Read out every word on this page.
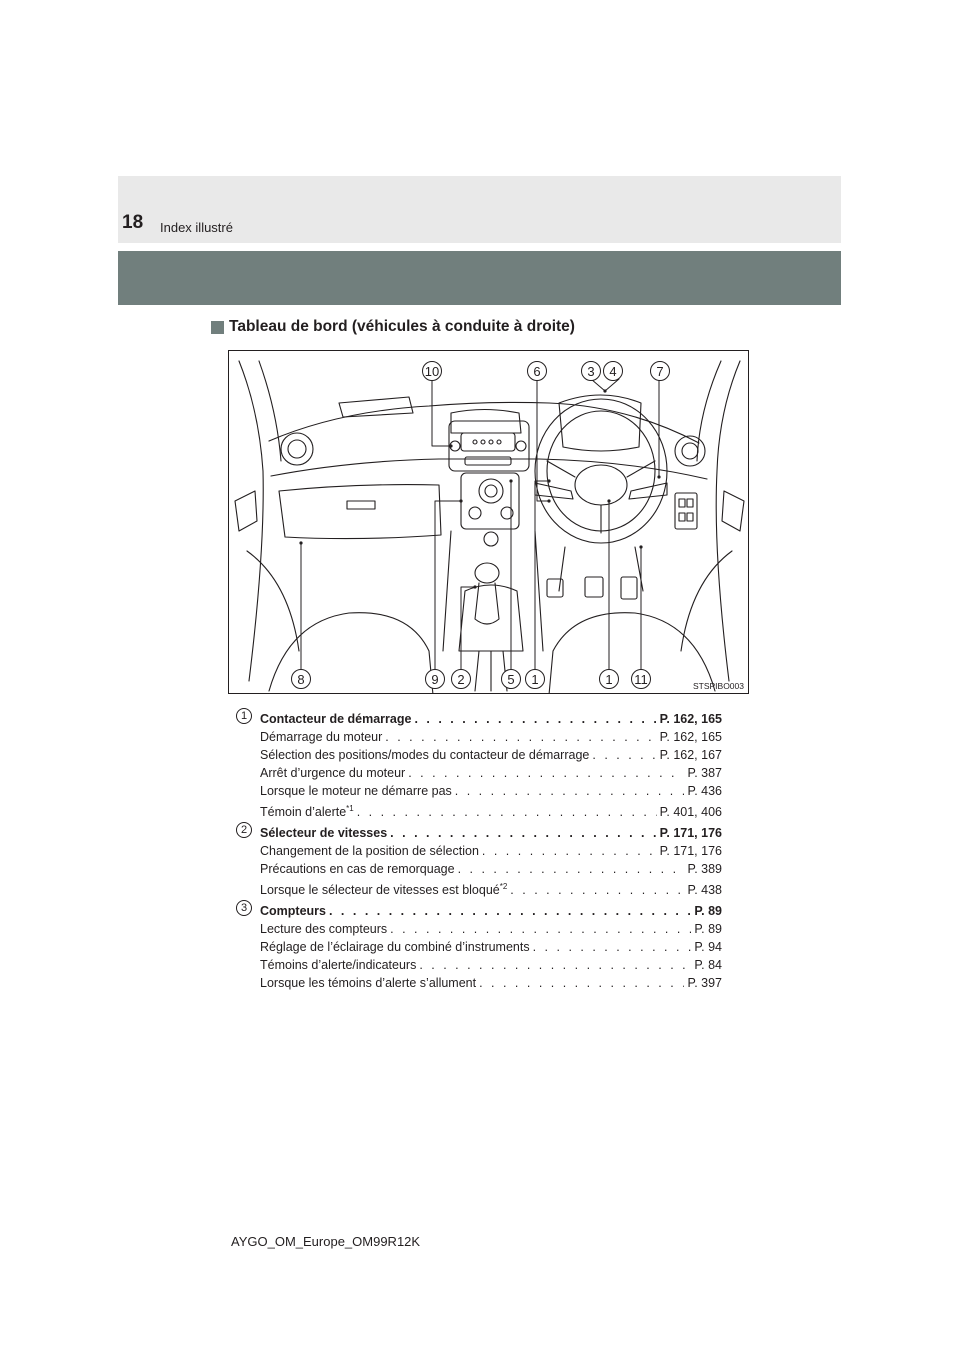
18 Index illustré
Tableau de bord (véhicules à conduite à droite)
10	6	3	4	7
8	9	2	5	1	1	11	STSPIBO003
1	Contacteur de démarrage . . .	P. 162, 165
Démarrage du moteur . . .	P. 162, 165
Sélection des positions/modes du contacteur de démarrage . . .	P. 162, 167
Arrêt d’urgence du moteur . . .	P. 387
Lorsque le moteur ne démarre pas . . .	P. 436
Témoin d’alerte$^{*1}$ . . .	P. 401, 406
2	Sélecteur de vitesses . . .	P. 171, 176
Changement de la position de sélection . . .	P. 171, 176
Précautions en cas de remorquage . . .	P. 389
Lorsque le sélecteur de vitesses est bloqué$^{*2}$ . . .	P. 438
3	Compteurs . . .	P. 89
Lecture des compteurs . . .	P. 89
Réglage de l’éclairage du combiné d’instruments . . .	P. 94
Témoins d’alerte/indicateurs . . .	P. 84
Lorsque les témoins d’alerte s’allument . . .	P. 397
AYGO_OM_Europe_OM99R12K
